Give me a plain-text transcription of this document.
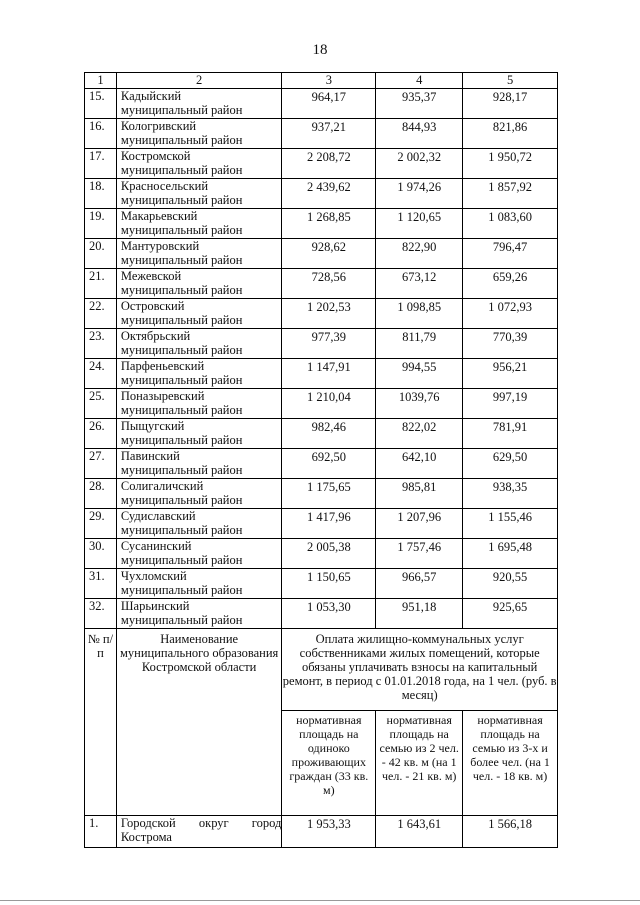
18
1	2	3	4	5
15.	Кадыйский
муниципальный район	964,17	935,37	928,17
16.	Кологривский
муниципальный район	937,21	844,93	821,86
17.	Костромской
муниципальный район	2 208,72	2 002,32	1 950,72
18.	Красносельский
муниципальный район	2 439,62	1 974,26	1 857,92
19.	Макарьевский
муниципальный район	1 268,85	1 120,65	1 083,60
20.	Мантуровский
муниципальный район	928,62	822,90	796,47
21.	Межевской
муниципальный район	728,56	673,12	659,26
22.	Островский
муниципальный район	1 202,53	1 098,85	1 072,93
23.	Октябрьский
муниципальный район	977,39	811,79	770,39
24.	Парфеньевский
муниципальный район	1 147,91	994,55	956,21
25.	Поназыревский
муниципальный район	1 210,04	1039,76	997,19
26.	Пыщугский
муниципальный район	982,46	822,02	781,91
27.	Павинский
муниципальный район	692,50	642,10	629,50
28.	Солигаличский
муниципальный район	1 175,65	985,81	938,35
29.	Судиславский
муниципальный район	1 417,96	1 207,96	1 155,46
30.	Сусанинский
муниципальный район	2 005,38	1 757,46	1 695,48
31.	Чухломский
муниципальный район	1 150,65	966,57	920,55
32.	Шарьинский
муниципальный район	1 053,30	951,18	925,65
№ п/п	Наименование муниципального образования Костромской области	Оплата жилищно-коммунальных услуг собственниками жилых помещений, которые обязаны уплачивать взносы на капитальный ремонт, в период с 01.01.2018 года, на 1 чел. (руб. в месяц)		
		нормативная площадь на одиноко проживающих граждан (33 кв. м)	нормативная площадь на семью из 2 чел. - 42 кв. м (на 1 чел. - 21 кв. м)	нормативная площадь на семью из 3-х и более чел. (на 1 чел. - 18 кв. м)
1.	Городской округ город Кострома	1 953,33	1 643,61	1 566,18
